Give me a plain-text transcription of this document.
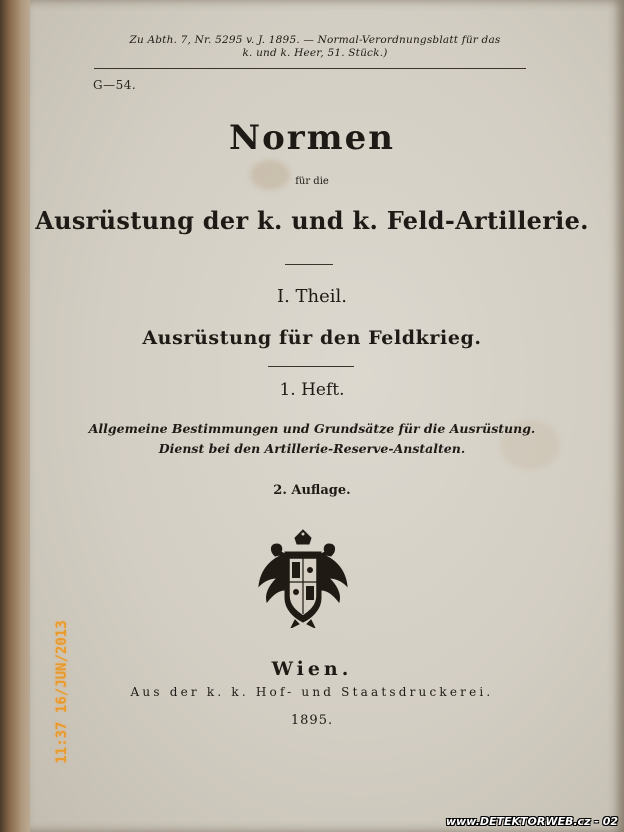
Zu Abth. 7, Nr. 5295 v. J. 1895. — Normal-Verordnungsblatt für das
k. und k. Heer, 51. Stück.)
G—54.
Normen
für die
Ausrüstung der k. und k. Feld-Artillerie.
I. Theil.
Ausrüstung für den Feldkrieg.
1. Heft.
Allgemeine Bestimmungen und Grundsätze für die Ausrüstung.
Dienst bei den Artillerie-Reserve-Anstalten.
2. Auflage.
Wien.
Aus der k. k. Hof- und Staatsdruckerei.
1895.
11:37 16/JUN/2013
www.DETEKTORWEB.cz - 02
